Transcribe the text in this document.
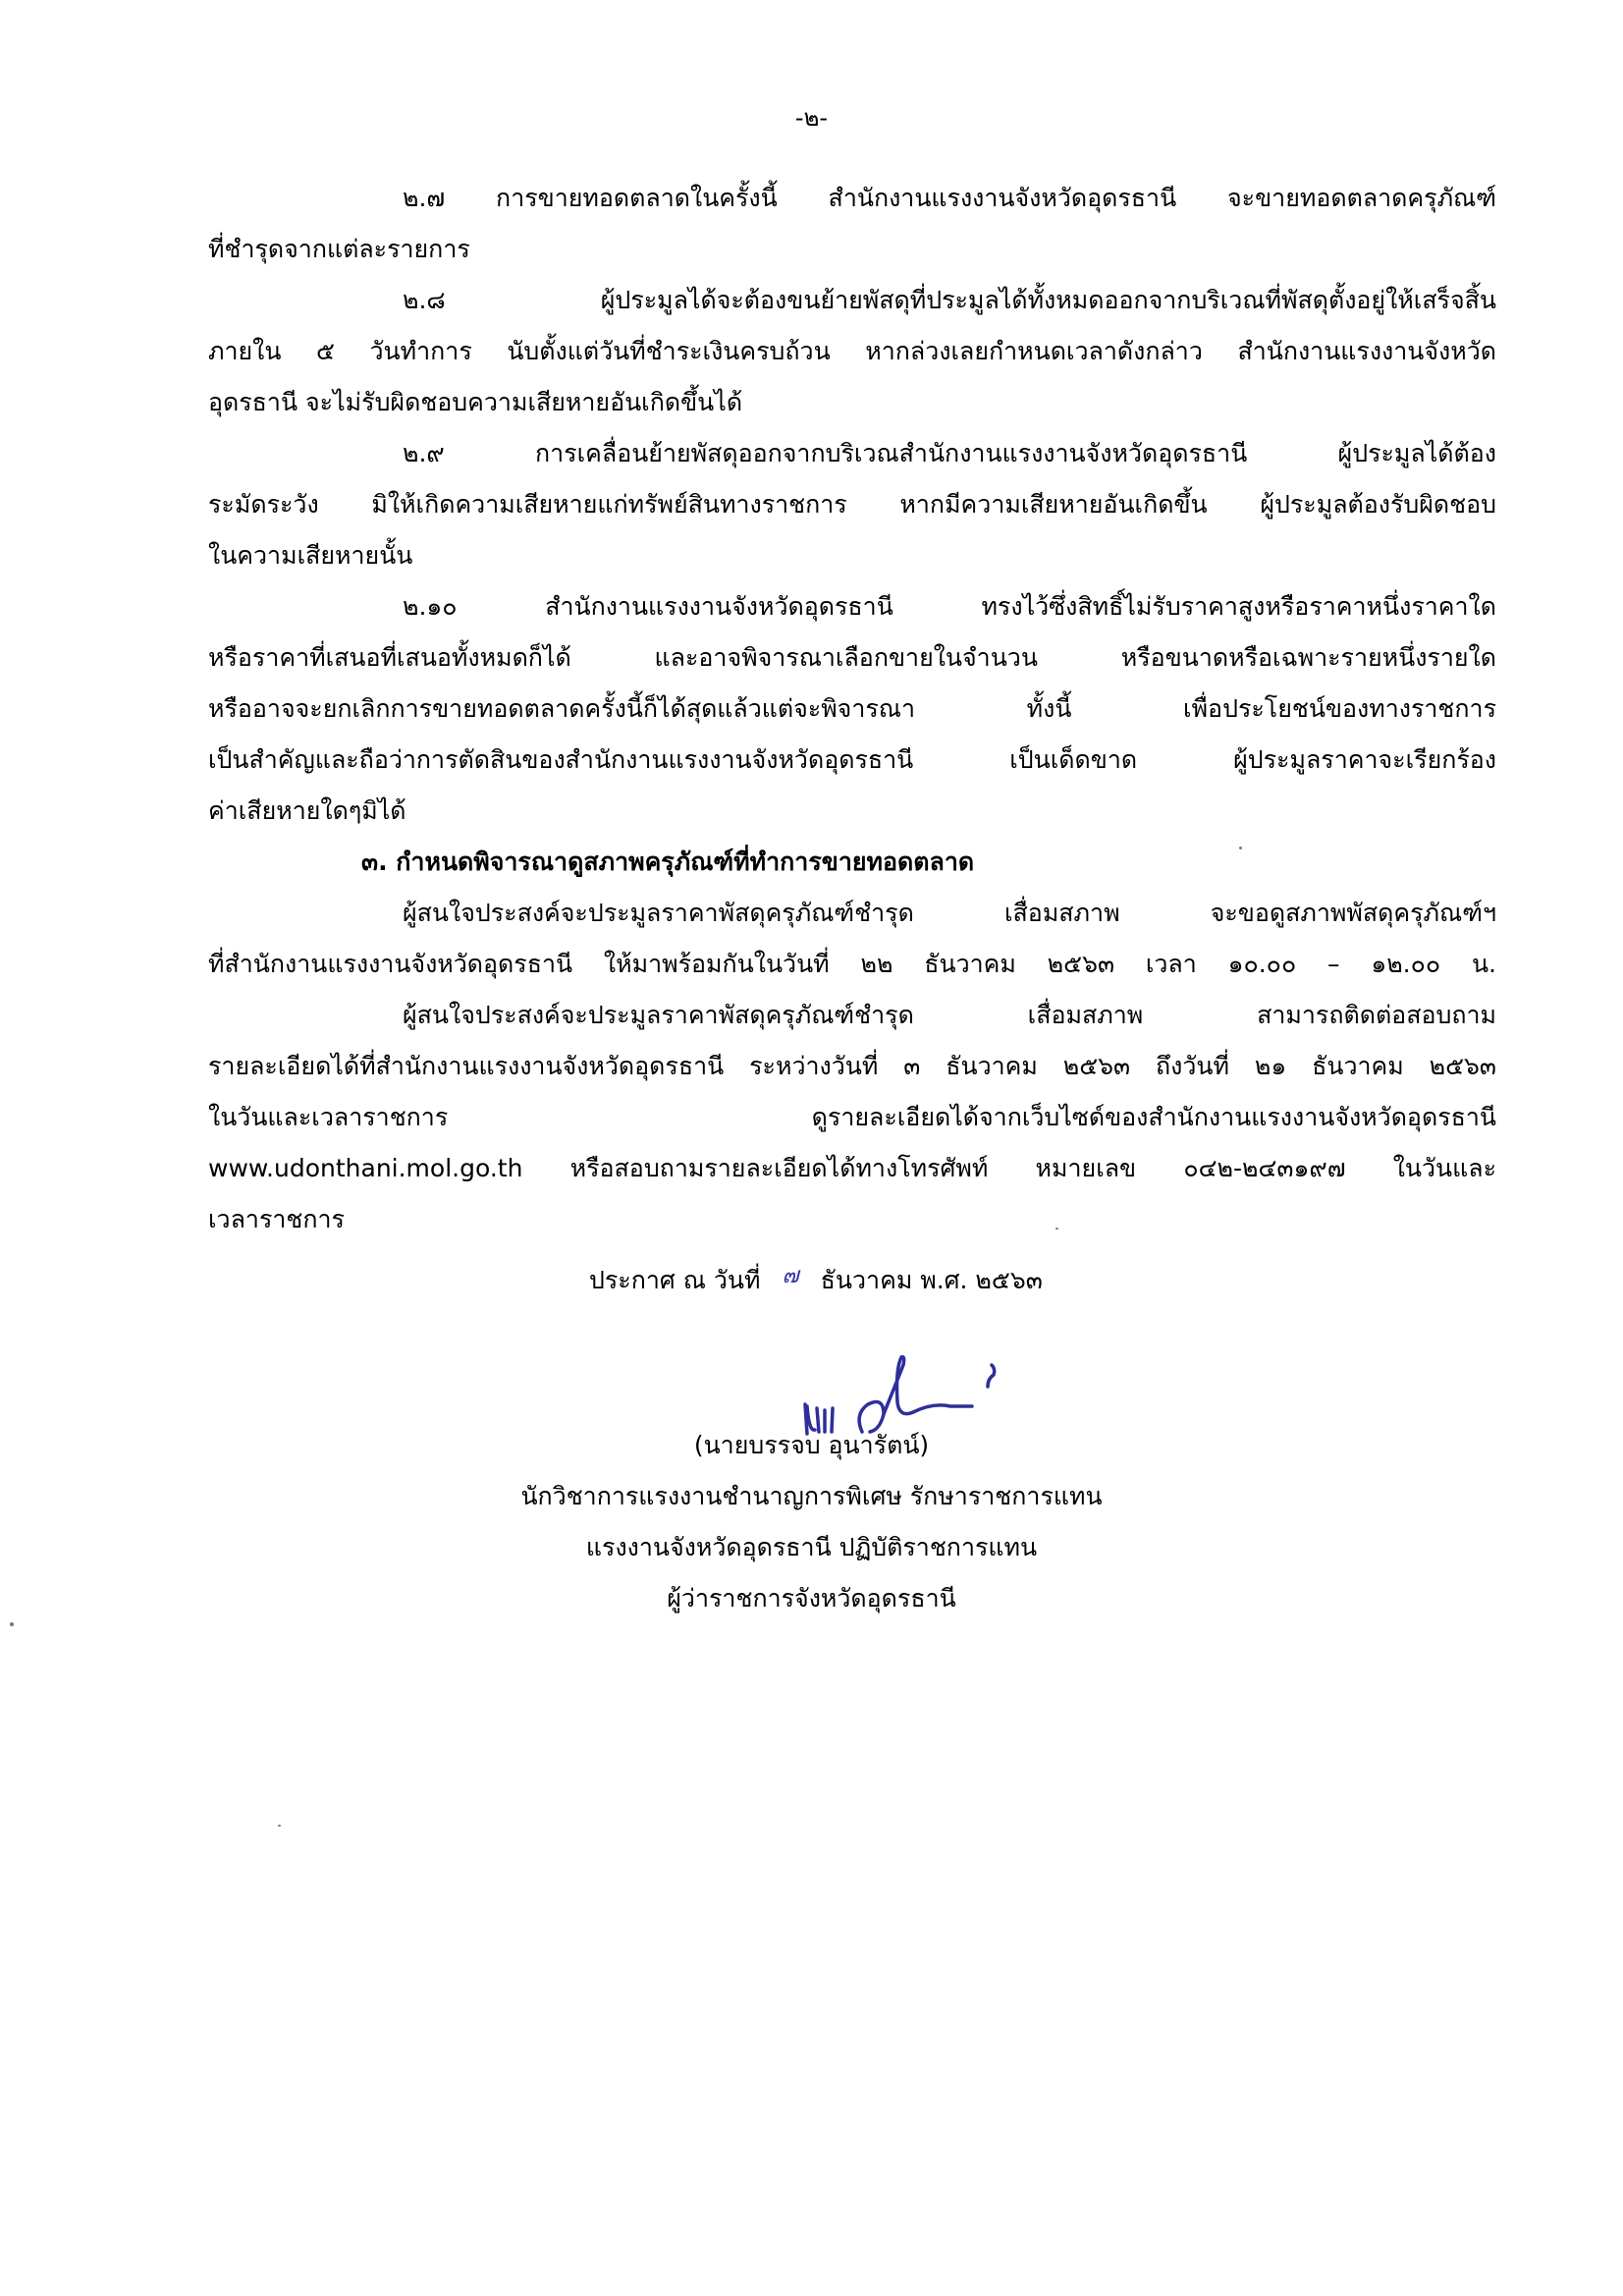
-๒-
๒.๗ การขายทอดตลาดในครั้งนี้ สำนักงานแรงงานจังหวัดอุดรธานี จะขายทอดตลาดครุภัณฑ์
ที่ชำรุดจากแต่ละรายการ
๒.๘ ผู้ประมูลได้จะต้องขนย้ายพัสดุที่ประมูลได้ทั้งหมดออกจากบริเวณที่พัสดุตั้งอยู่ให้เสร็จสิ้น
ภายใน ๕ วันทำการ นับตั้งแต่วันที่ชำระเงินครบถ้วน หากล่วงเลยกำหนดเวลาดังกล่าว สำนักงานแรงงานจังหวัด
อุดรธานี จะไม่รับผิดชอบความเสียหายอันเกิดขึ้นได้
๒.๙ การเคลื่อนย้ายพัสดุออกจากบริเวณสำนักงานแรงงานจังหวัดอุดรธานี ผู้ประมูลได้ต้อง
ระมัดระวัง มิให้เกิดความเสียหายแก่ทรัพย์สินทางราชการ หากมีความเสียหายอันเกิดขึ้น ผู้ประมูลต้องรับผิดชอบ
ในความเสียหายนั้น
๒.๑๐ สำนักงานแรงงานจังหวัดอุดรธานี ทรงไว้ซึ่งสิทธิ์ไม่รับราคาสูงหรือราคาหนึ่งราคาใด
หรือราคาที่เสนอที่เสนอทั้งหมดก็ได้ และอาจพิจารณาเลือกขายในจำนวน หรือขนาดหรือเฉพาะรายหนึ่งรายใด
หรืออาจจะยกเลิกการขายทอดตลาดครั้งนี้ก็ได้สุดแล้วแต่จะพิจารณา ทั้งนี้ เพื่อประโยชน์ของทางราชการ
เป็นสำคัญและถือว่าการตัดสินของสำนักงานแรงงานจังหวัดอุดรธานี เป็นเด็ดขาด ผู้ประมูลราคาจะเรียกร้อง
ค่าเสียหายใดๆมิได้
๓. กำหนดพิจารณาดูสภาพครุภัณฑ์ที่ทำการขายทอดตลาด
ผู้สนใจประสงค์จะประมูลราคาพัสดุครุภัณฑ์ชำรุด เสื่อมสภาพ จะขอดูสภาพพัสดุครุภัณฑ์ฯ
ที่สำนักงานแรงงานจังหวัดอุดรธานี ให้มาพร้อมกันในวันที่ ๒๒ ธันวาคม ๒๕๖๓ เวลา ๑๐.๐๐ – ๑๒.๐๐ น.
ผู้สนใจประสงค์จะประมูลราคาพัสดุครุภัณฑ์ชำรุด เสื่อมสภาพ สามารถติดต่อสอบถาม
รายละเอียดได้ที่สำนักงานแรงงานจังหวัดอุดรธานี ระหว่างวันที่ ๓ ธันวาคม ๒๕๖๓ ถึงวันที่ ๒๑ ธันวาคม ๒๕๖๓
ในวันและเวลาราชการ ดูรายละเอียดได้จากเว็บไซด์ของสำนักงานแรงงานจังหวัดอุดรธานี
www.udonthani.mol.go.th หรือสอบถามรายละเอียดได้ทางโทรศัพท์ หมายเลข ๐๔๒-๒๔๓๑๙๗ ในวันและ
เวลาราชการ
ประกาศ ณ วันที่ ๗ ธันวาคม พ.ศ. ๒๕๖๓
(นายบรรจบ อุนารัตน์)
นักวิชาการแรงงานชำนาญการพิเศษ รักษาราชการแทน
แรงงานจังหวัดอุดรธานี ปฏิบัติราชการแทน
ผู้ว่าราชการจังหวัดอุดรธานี
